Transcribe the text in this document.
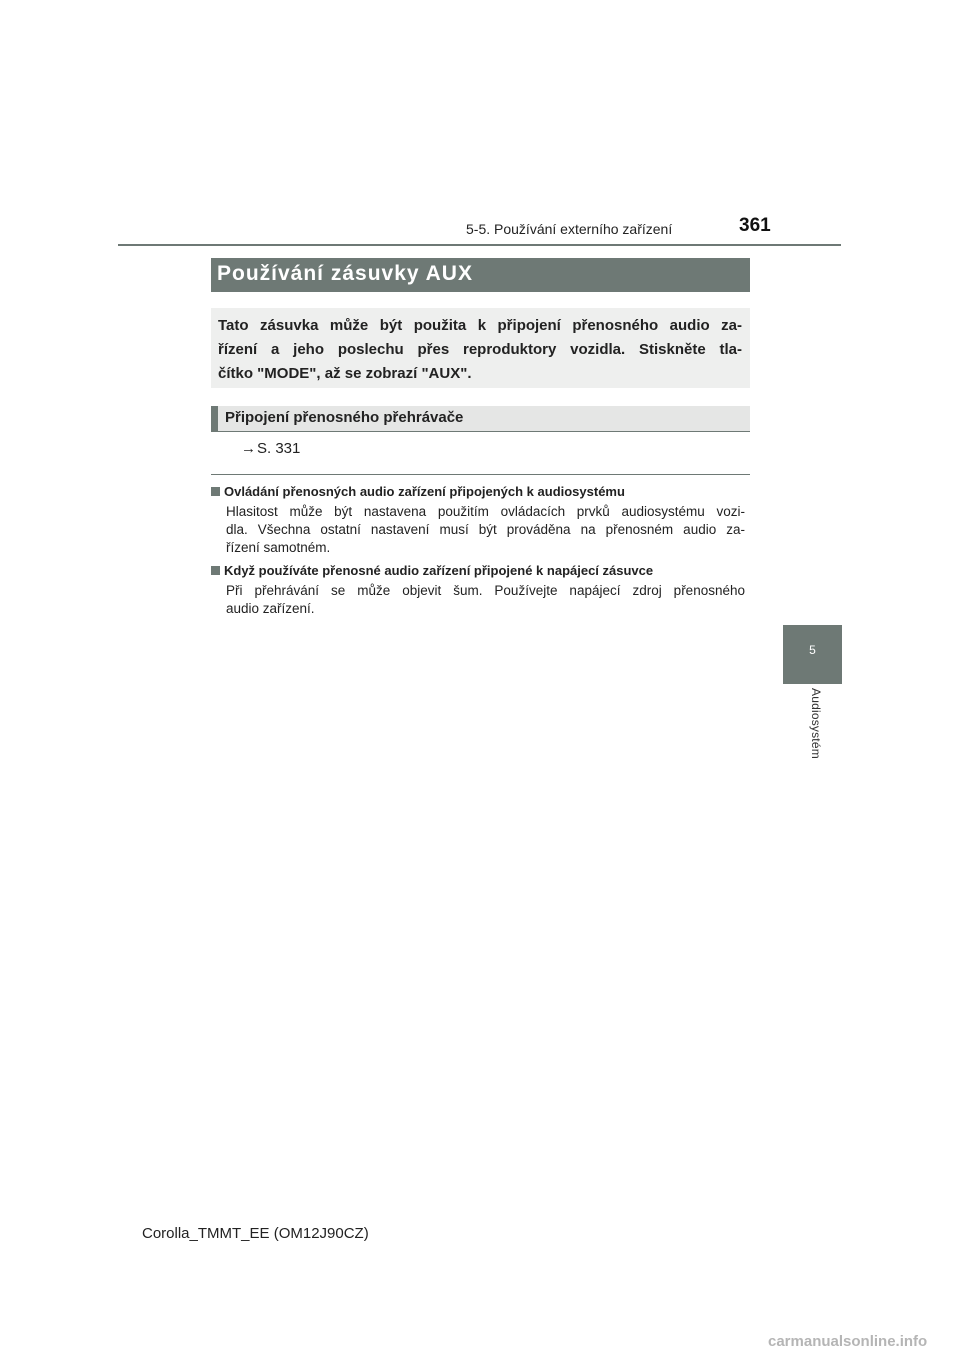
5-5. Používání externího zařízení	361
5
Audiosystém
Používání zásuvky AUX
Tato zásuvka může být použita k připojení přenosného audio za-
řízení a jeho poslechu přes reproduktory vozidla. Stiskněte tla-
čítko "MODE", až se zobrazí "AUX".
Připojení přenosného přehrávače
→S. 331
Ovládání přenosných audio zařízení připojených k audiosystému
Hlasitost může být nastavena použitím ovládacích prvků audiosystému vozi-
dla. Všechna ostatní nastavení musí být prováděna na přenosném audio za-
řízení samotném.
Když používáte přenosné audio zařízení připojené k napájecí zásuvce
Při přehrávání se může objevit šum. Používejte napájecí zdroj přenosného
audio zařízení.
Corolla_TMMT_EE (OM12J90CZ)
carmanualsonline.info
